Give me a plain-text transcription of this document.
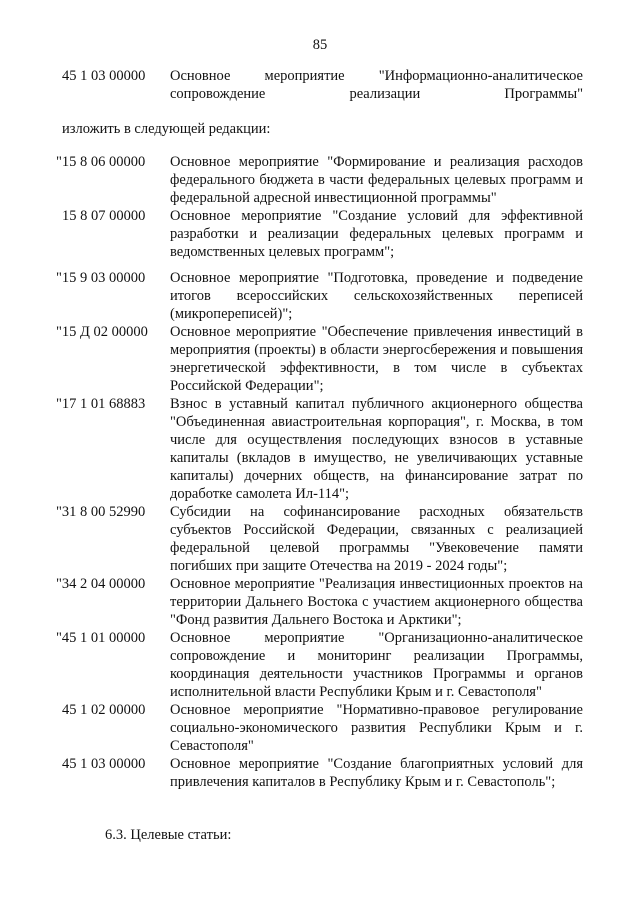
85
45 1 03 00000 Основное мероприятие "Информационно-аналитическое сопровождение реализации Программы"
изложить в следующей редакции:
"15 8 06 00000 Основное мероприятие "Формирование и реализация расходов федерального бюджета в части федеральных целевых программ и федеральной адресной инвестиционной программы"
15 8 07 00000 Основное мероприятие "Создание условий для эффективной разработки и реализации федеральных целевых программ и ведомственных целевых программ";
"15 9 03 00000 Основное мероприятие "Подготовка, проведение и подведение итогов всероссийских сельскохозяйственных переписей (микропереписей)";
"15 Д 02 00000 Основное мероприятие "Обеспечение привлечения инвестиций в мероприятия (проекты) в области энергосбережения и повышения энергетической эффективности, в том числе в субъектах Российской Федерации";
"17 1 01 68883 Взнос в уставный капитал публичного акционерного общества "Объединенная авиастроительная корпорация", г. Москва, в том числе для осуществления последующих взносов в уставные капиталы (вкладов в имущество, не увеличивающих уставные капиталы) дочерних обществ, на финансирование затрат по доработке самолета Ил-114";
"31 8 00 52990 Субсидии на софинансирование расходных обязательств субъектов Российской Федерации, связанных с реализацией федеральной целевой программы "Увековечение памяти погибших при защите Отечества на 2019 - 2024 годы";
"34 2 04 00000 Основное мероприятие "Реализация инвестиционных проектов на территории Дальнего Востока с участием акционерного общества "Фонд развития Дальнего Востока и Арктики";
"45 1 01 00000 Основное мероприятие "Организационно-аналитическое сопровождение и мониторинг реализации Программы, координация деятельности участников Программы и органов исполнительной власти Республики Крым и г. Севастополя"
45 1 02 00000 Основное мероприятие "Нормативно-правовое регулирование социально-экономического развития Республики Крым и г. Севастополя"
45 1 03 00000 Основное мероприятие "Создание благоприятных условий для привлечения капиталов в Республику Крым и г. Севастополь";
6.3. Целевые статьи:
